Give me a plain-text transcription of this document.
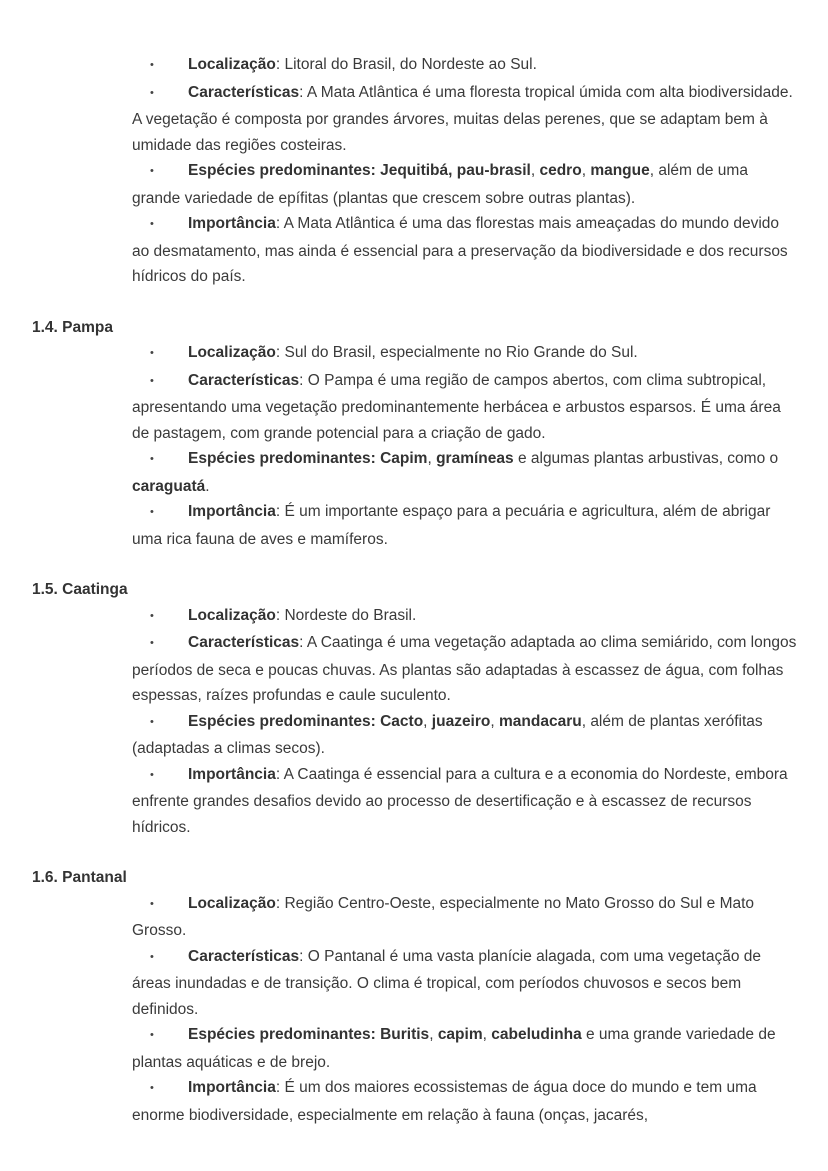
•Localização: Litoral do Brasil, do Nordeste ao Sul.
•Características: A Mata Atlântica é uma floresta tropical úmida com alta biodiversidade. A vegetação é composta por grandes árvores, muitas delas perenes, que se adaptam bem à umidade das regiões costeiras.
•Espécies predominantes: Jequitibá, pau-brasil, cedro, mangue, além de uma grande variedade de epífitas (plantas que crescem sobre outras plantas).
•Importância: A Mata Atlântica é uma das florestas mais ameaçadas do mundo devido ao desmatamento, mas ainda é essencial para a preservação da biodiversidade e dos recursos hídricos do país.
1.4. Pampa
•Localização: Sul do Brasil, especialmente no Rio Grande do Sul.
•Características: O Pampa é uma região de campos abertos, com clima subtropical, apresentando uma vegetação predominantemente herbácea e arbustos esparsos. É uma área de pastagem, com grande potencial para a criação de gado.
•Espécies predominantes: Capim, gramíneas e algumas plantas arbustivas, como o caraguatá.
•Importância: É um importante espaço para a pecuária e agricultura, além de abrigar uma rica fauna de aves e mamíferos.
1.5. Caatinga
•Localização: Nordeste do Brasil.
•Características: A Caatinga é uma vegetação adaptada ao clima semiárido, com longos períodos de seca e poucas chuvas. As plantas são adaptadas à escassez de água, com folhas espessas, raízes profundas e caule suculento.
•Espécies predominantes: Cacto, juazeiro, mandacaru, além de plantas xerófitas (adaptadas a climas secos).
•Importância: A Caatinga é essencial para a cultura e a economia do Nordeste, embora enfrente grandes desafios devido ao processo de desertificação e à escassez de recursos hídricos.
1.6. Pantanal
•Localização: Região Centro-Oeste, especialmente no Mato Grosso do Sul e Mato Grosso.
•Características: O Pantanal é uma vasta planície alagada, com uma vegetação de áreas inundadas e de transição. O clima é tropical, com períodos chuvosos e secos bem definidos.
•Espécies predominantes: Buritis, capim, cabeludinha e uma grande variedade de plantas aquáticas e de brejo.
•Importância: É um dos maiores ecossistemas de água doce do mundo e tem uma enorme biodiversidade, especialmente em relação à fauna (onças, jacarés,
